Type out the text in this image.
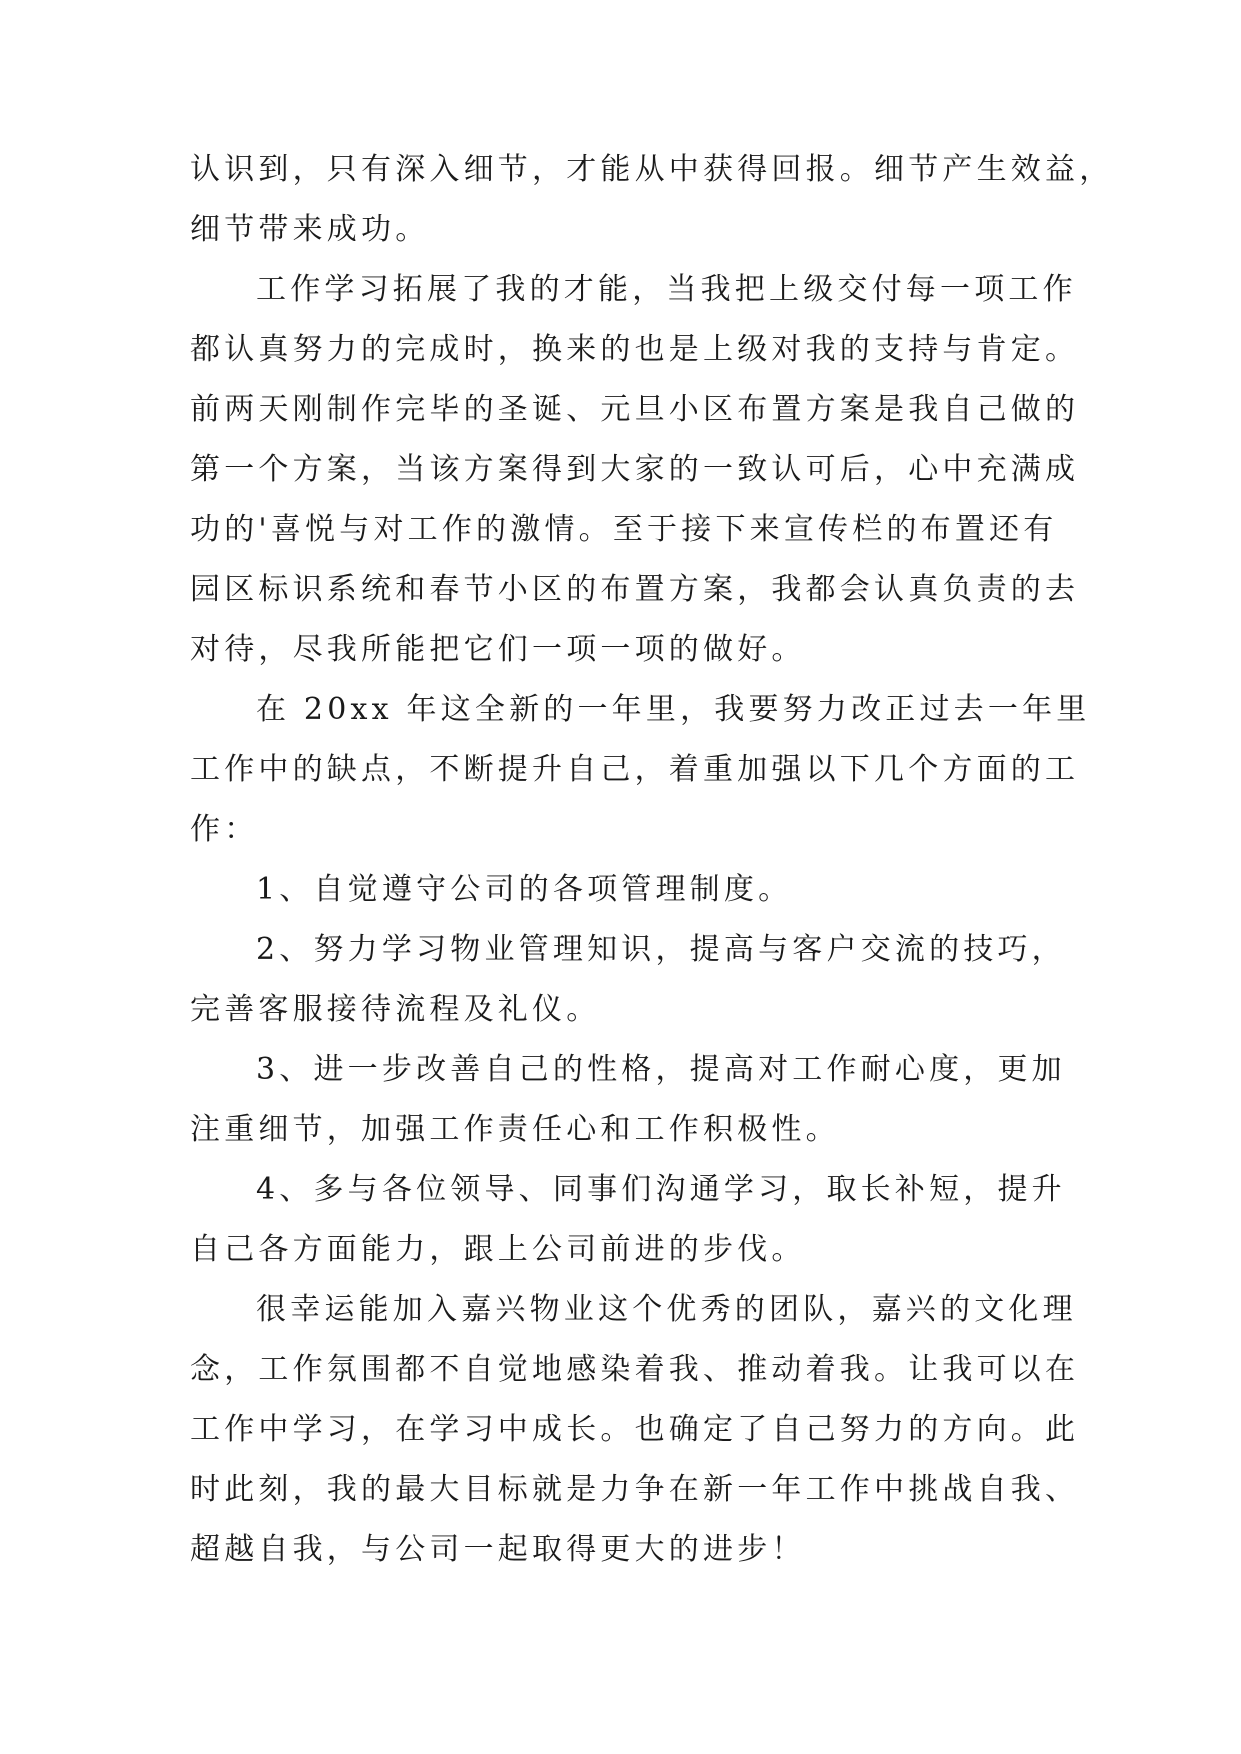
认识到，只有深入细节，才能从中获得回报。细节产生效益，
细节带来成功。
工作学习拓展了我的才能，当我把上级交付每一项工作
都认真努力的完成时，换来的也是上级对我的支持与肯定。
前两天刚制作完毕的圣诞、元旦小区布置方案是我自己做的
第一个方案，当该方案得到大家的一致认可后，心中充满成
功的'喜悦与对工作的激情。至于接下来宣传栏的布置还有
园区标识系统和春节小区的布置方案，我都会认真负责的去
对待，尽我所能把它们一项一项的做好。
在 20xx 年这全新的一年里，我要努力改正过去一年里
工作中的缺点，不断提升自己，着重加强以下几个方面的工
作：
1、自觉遵守公司的各项管理制度。
2、努力学习物业管理知识，提高与客户交流的技巧，
完善客服接待流程及礼仪。
3、进一步改善自己的性格，提高对工作耐心度，更加
注重细节，加强工作责任心和工作积极性。
4、多与各位领导、同事们沟通学习，取长补短，提升
自己各方面能力，跟上公司前进的步伐。
很幸运能加入嘉兴物业这个优秀的团队，嘉兴的文化理
念，工作氛围都不自觉地感染着我、推动着我。让我可以在
工作中学习，在学习中成长。也确定了自己努力的方向。此
时此刻，我的最大目标就是力争在新一年工作中挑战自我、
超越自我，与公司一起取得更大的进步！
